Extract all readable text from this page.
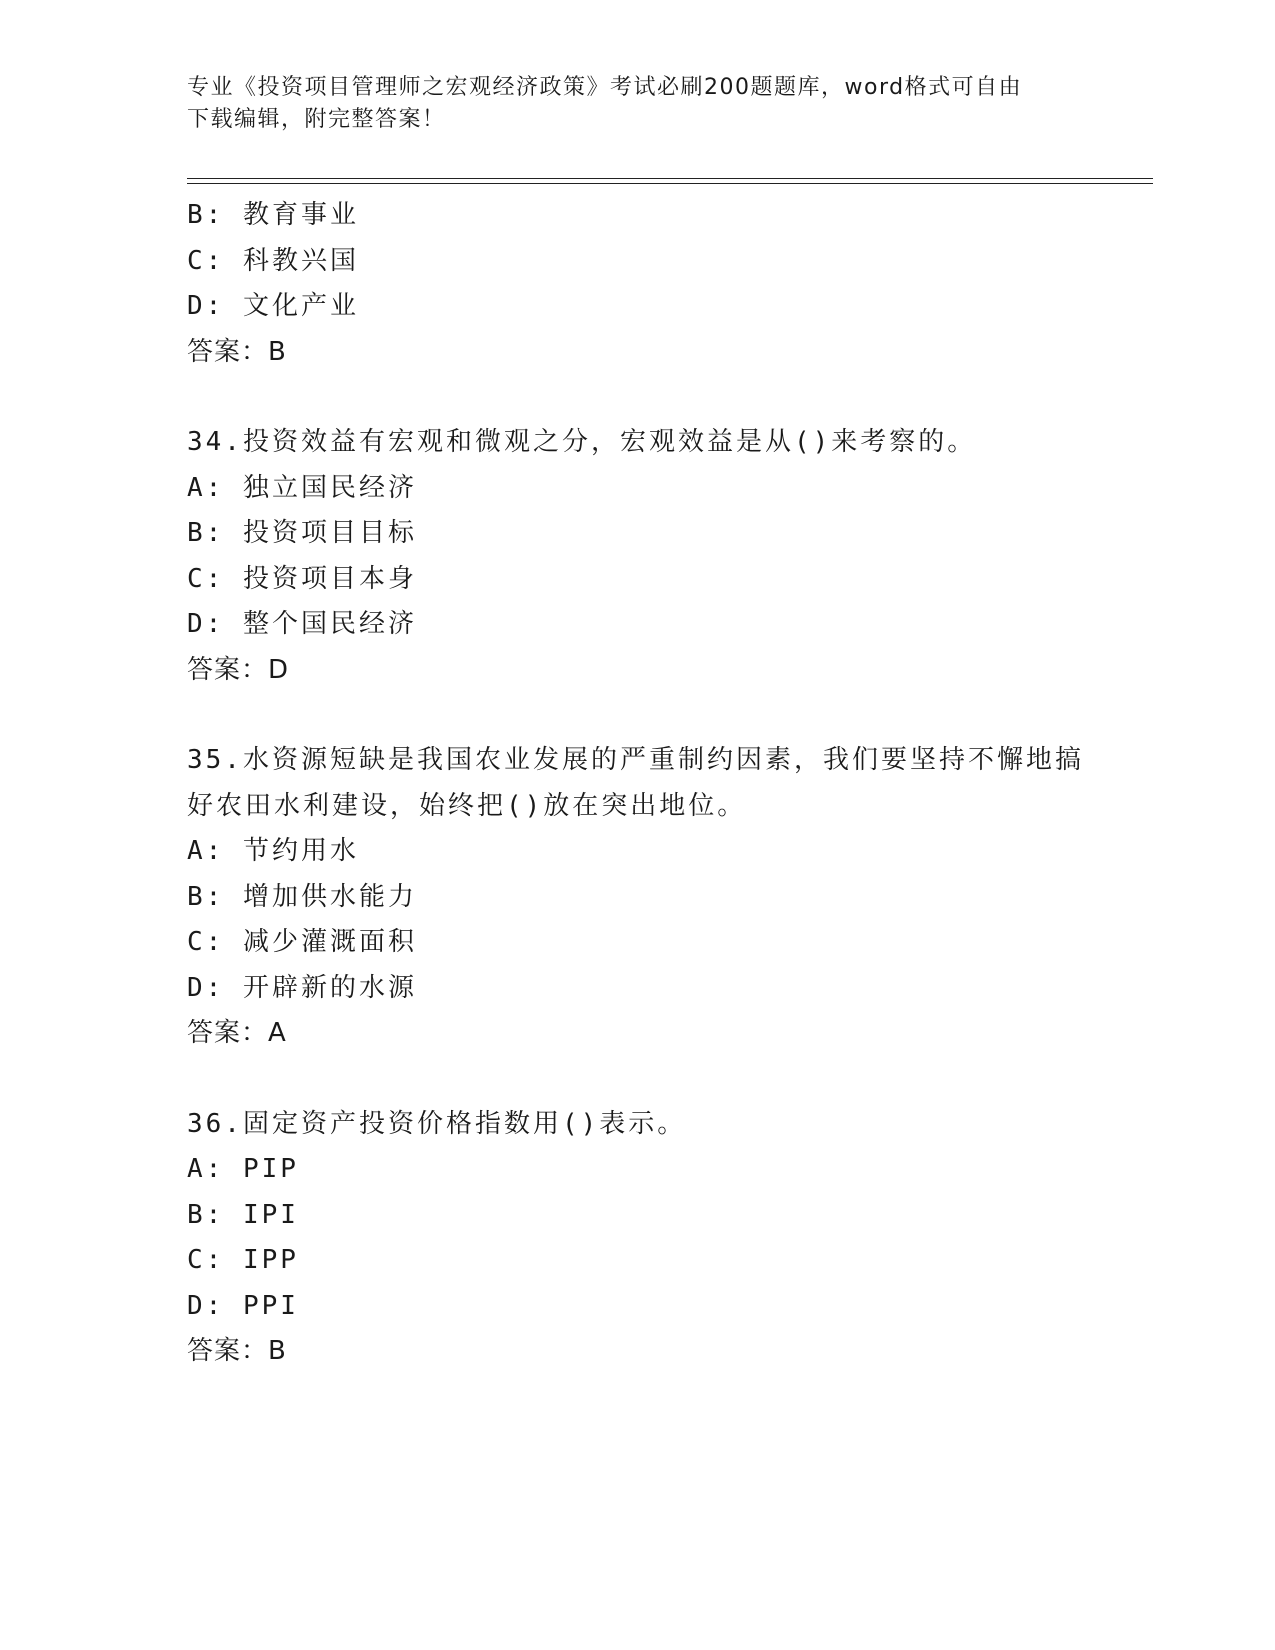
专业《投资项目管理师之宏观经济政策》考试必刷200题题库，word格式可自由
下载编辑，附完整答案！
B: 教育事业
C: 科教兴国
D: 文化产业
答案：B
34.投资效益有宏观和微观之分，宏观效益是从()来考察的。
A: 独立国民经济
B: 投资项目目标
C: 投资项目本身
D: 整个国民经济
答案：D
35.水资源短缺是我国农业发展的严重制约因素，我们要坚持不懈地搞
好农田水利建设，始终把()放在突出地位。
A: 节约用水
B: 增加供水能力
C: 减少灌溉面积
D: 开辟新的水源
答案：A
36.固定资产投资价格指数用()表示。
A: PIP
B: IPI
C: IPP
D: PPI
答案：B
